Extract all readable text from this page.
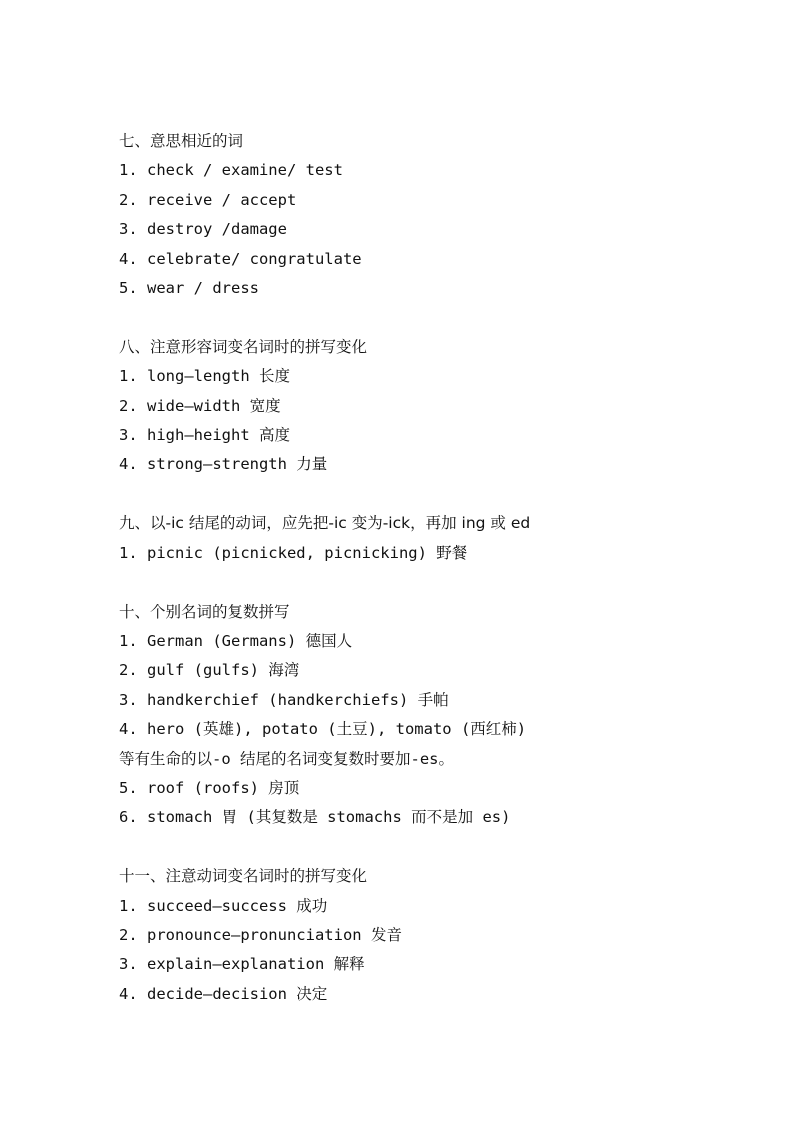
七、意思相近的词
1. check / examine/ test
2. receive / accept
3. destroy /damage
4. celebrate/ congratulate
5. wear / dress
八、注意形容词变名词时的拼写变化
1. long—length 长度
2. wide—width 宽度
3. high—height 高度
4. strong—strength 力量
九、以-ic 结尾的动词，应先把-ic 变为-ick，再加 ing 或 ed
1. picnic (picnicked, picnicking) 野餐
十、个别名词的复数拼写
1. German (Germans) 德国人
2. gulf (gulfs) 海湾
3. handkerchief (handkerchiefs) 手帕
4. hero (英雄), potato (土豆), tomato (西红柿)
等有生命的以-o 结尾的名词变复数时要加-es。
5. roof (roofs) 房顶
6. stomach 胃 (其复数是 stomachs 而不是加 es)
十一、注意动词变名词时的拼写变化
1. succeed—success 成功
2. pronounce—pronunciation 发音
3. explain—explanation 解释
4. decide—decision 决定
